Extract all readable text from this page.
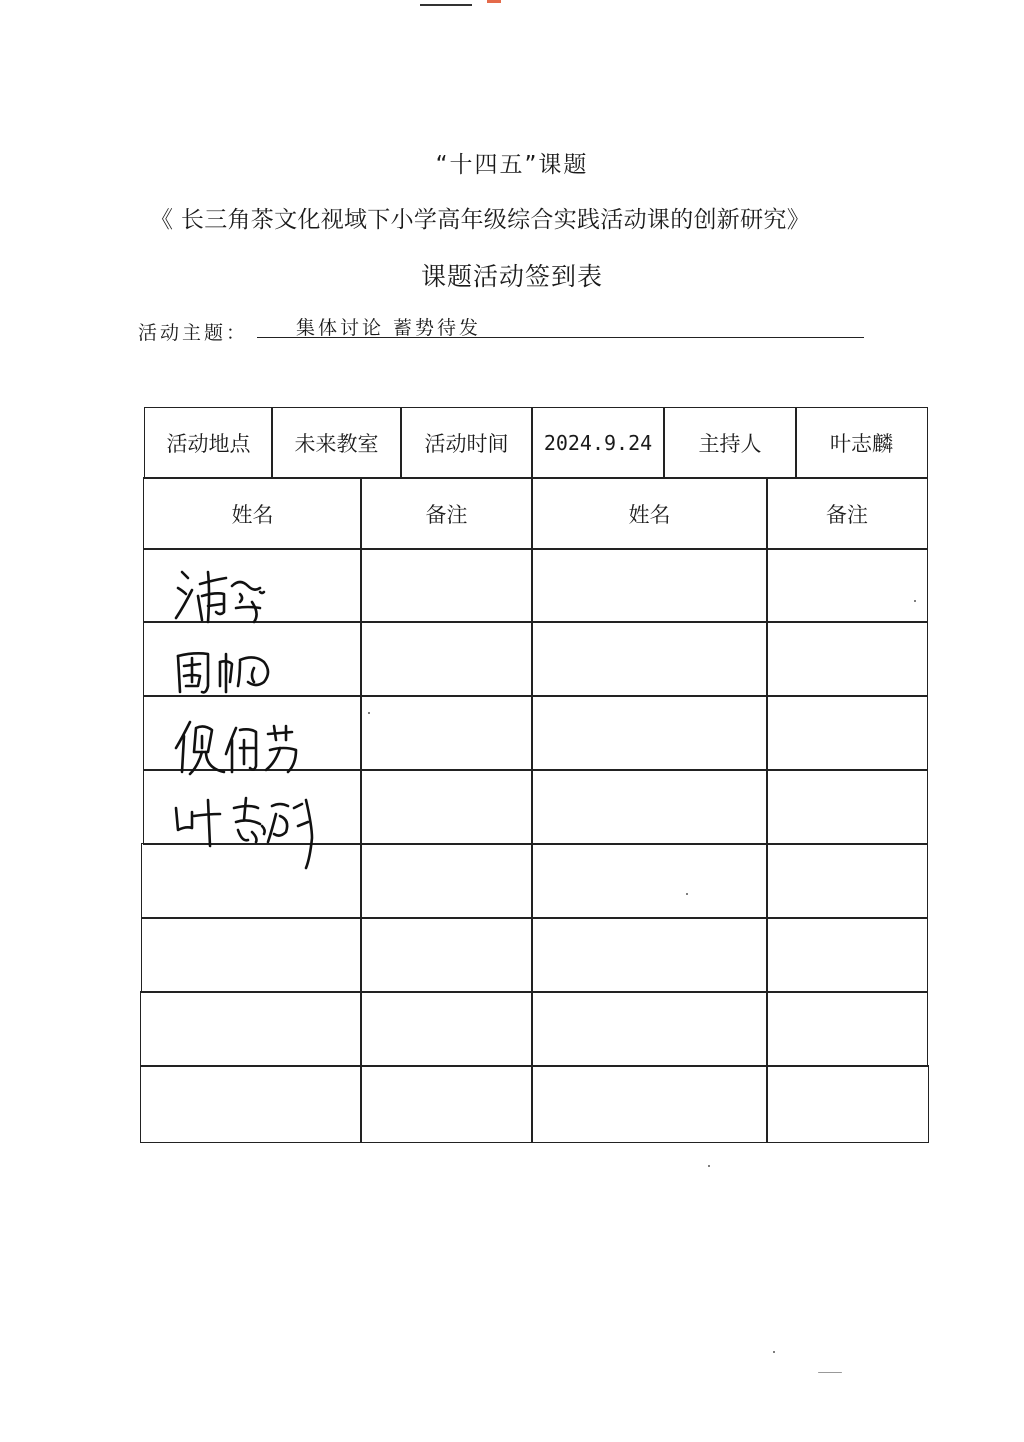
“十四五”课题
《 长三角茶文化视域下小学高年级综合实践活动课的创新研究》
课题活动签到表
活动主题：	集体讨论 蓄势待发
活动地点 未来教室 活动时间 2024.9.24 主持人	叶志麟
姓名	备注	姓名	备注
